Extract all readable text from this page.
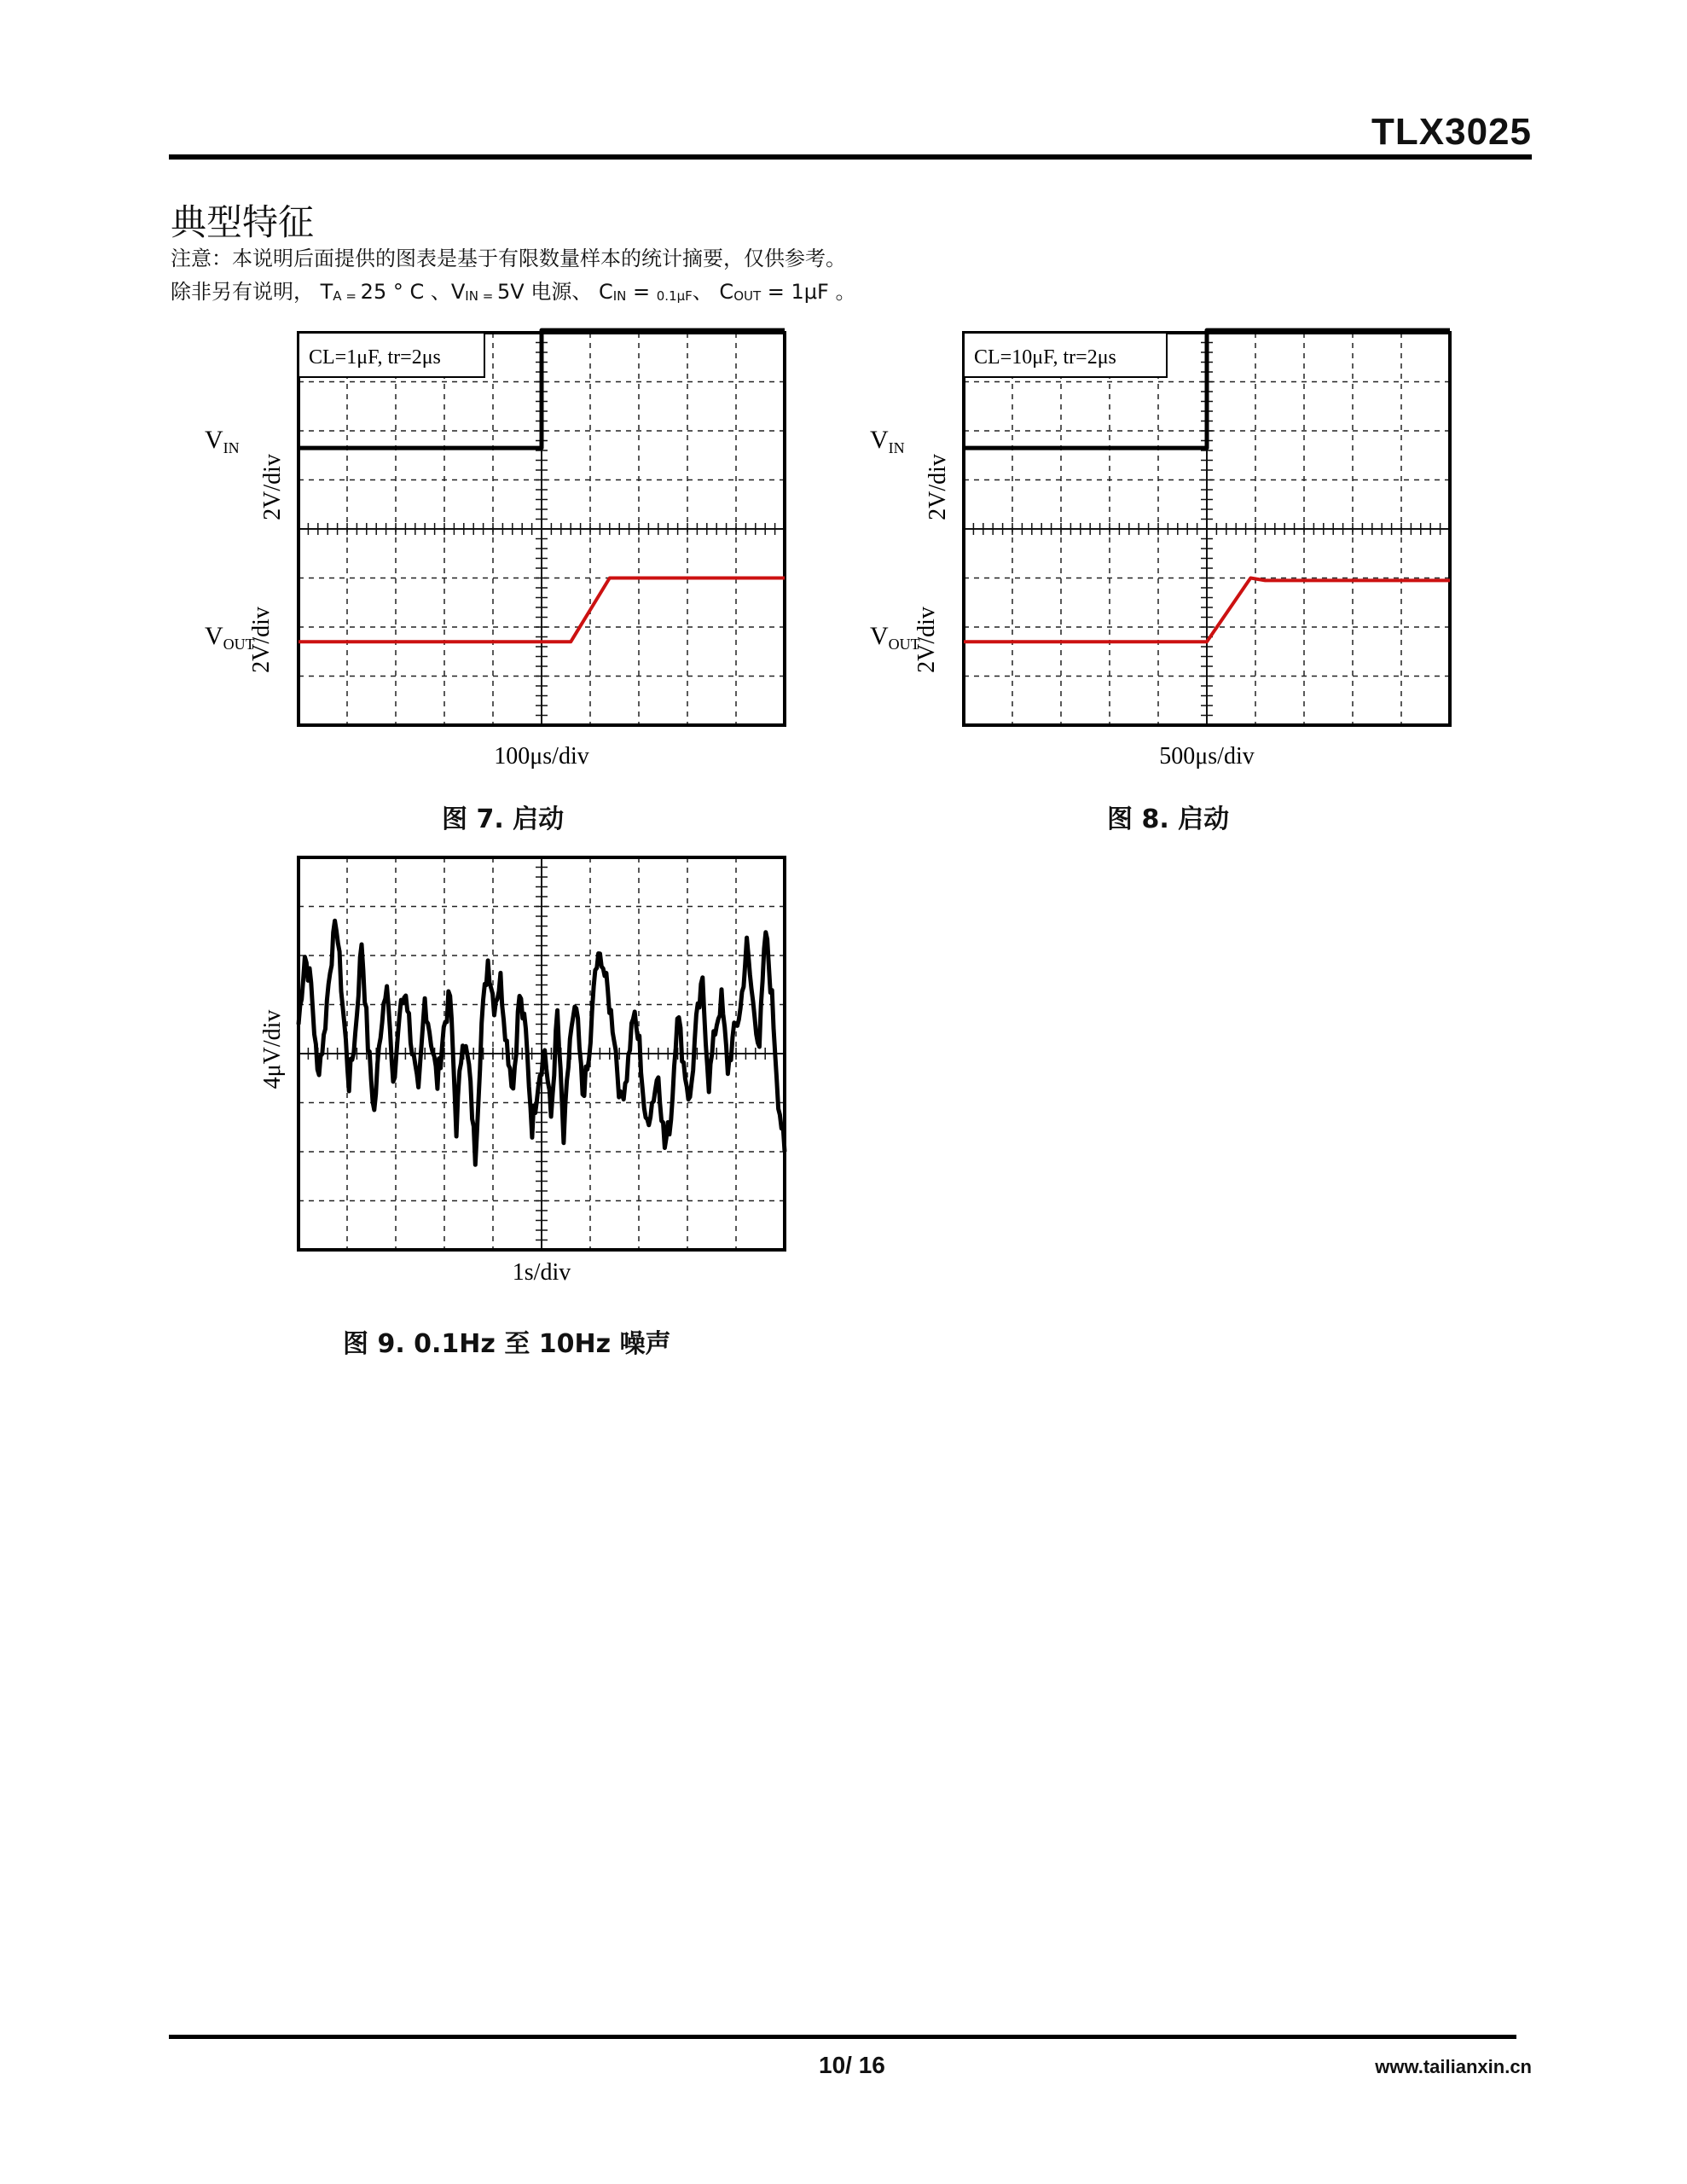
TLX3025
典型特征
注意：本说明后面提供的图表是基于有限数量样本的统计摘要，仅供参考。
除非另有说明， $T_{A =}$ 25 ° C 、$V_{IN =}$ 5V 电源、 $C_{IN} = _{0.1\mu F}$、 $C_{OUT} = 1\mu F$ 。
CL=1μF, tr=2μs
$V_{IN}$
2V/div
$V_{OUT}$
2V/div
100μs/div
图 7. 启动
CL=10μF, tr=2μs
$V_{IN}$
2V/div
$V_{OUT}$
2V/div
500μs/div
图 8. 启动
4μV/div
1s/div
图 9. 0.1Hz 至 10Hz 噪声
10/ 16	www.tailianxin.cn
